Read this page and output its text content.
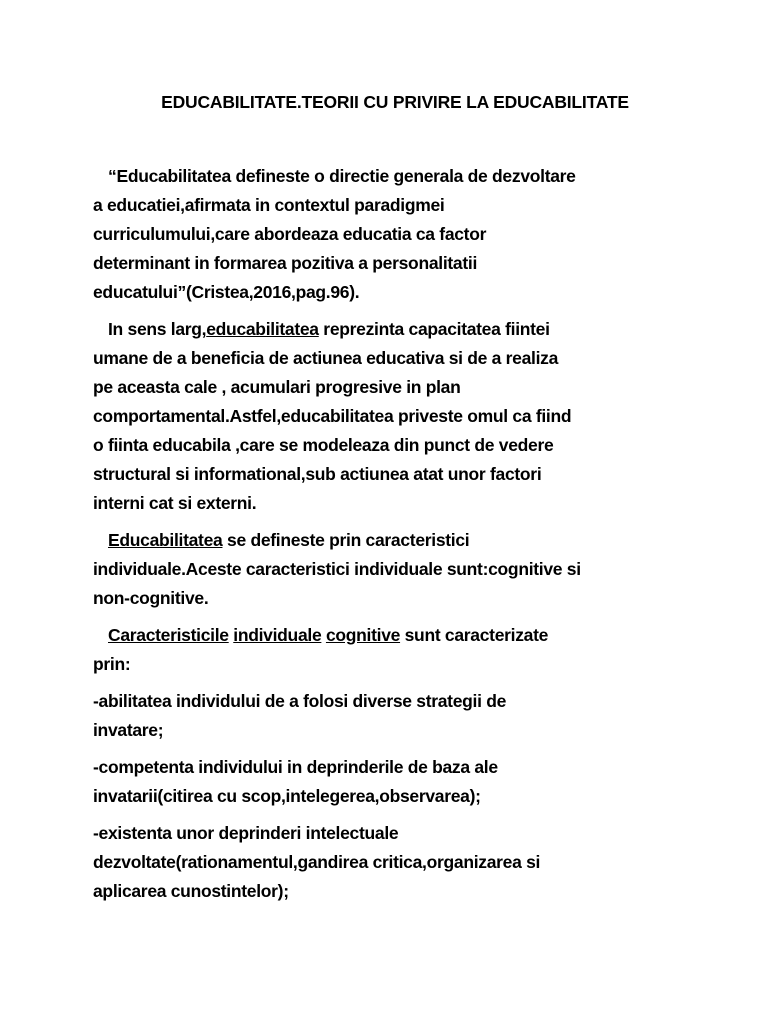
EDUCABILITATE.TEORII CU PRIVIRE LA EDUCABILITATE
“Educabilitatea defineste o directie generala de dezvoltare
a educatiei,afirmata in contextul paradigmei
curriculumului,care abordeaza educatia ca factor
determinant in formarea pozitiva a personalitatii
educatului”(Cristea,2016,pag.96).
In sens larg,educabilitatea reprezinta capacitatea fiintei
umane de a beneficia de actiunea educativa si de a realiza
pe aceasta cale , acumulari progresive in plan
comportamental.Astfel,educabilitatea priveste omul ca fiind
o fiinta educabila ,care se modeleaza din punct de vedere
structural si informational,sub actiunea atat unor factori
interni cat si externi.
Educabilitatea se defineste prin caracteristici
individuale.Aceste caracteristici individuale sunt:cognitive si
non-cognitive.
Caracteristicile individuale cognitive sunt caracterizate
prin:
-abilitatea individului de a folosi diverse strategii de
invatare;
-competenta individului in deprinderile de baza ale
invatarii(citirea cu scop,intelegerea,observarea);
-existenta unor deprinderi intelectuale
dezvoltate(rationamentul,gandirea critica,organizarea si
aplicarea cunostintelor);
